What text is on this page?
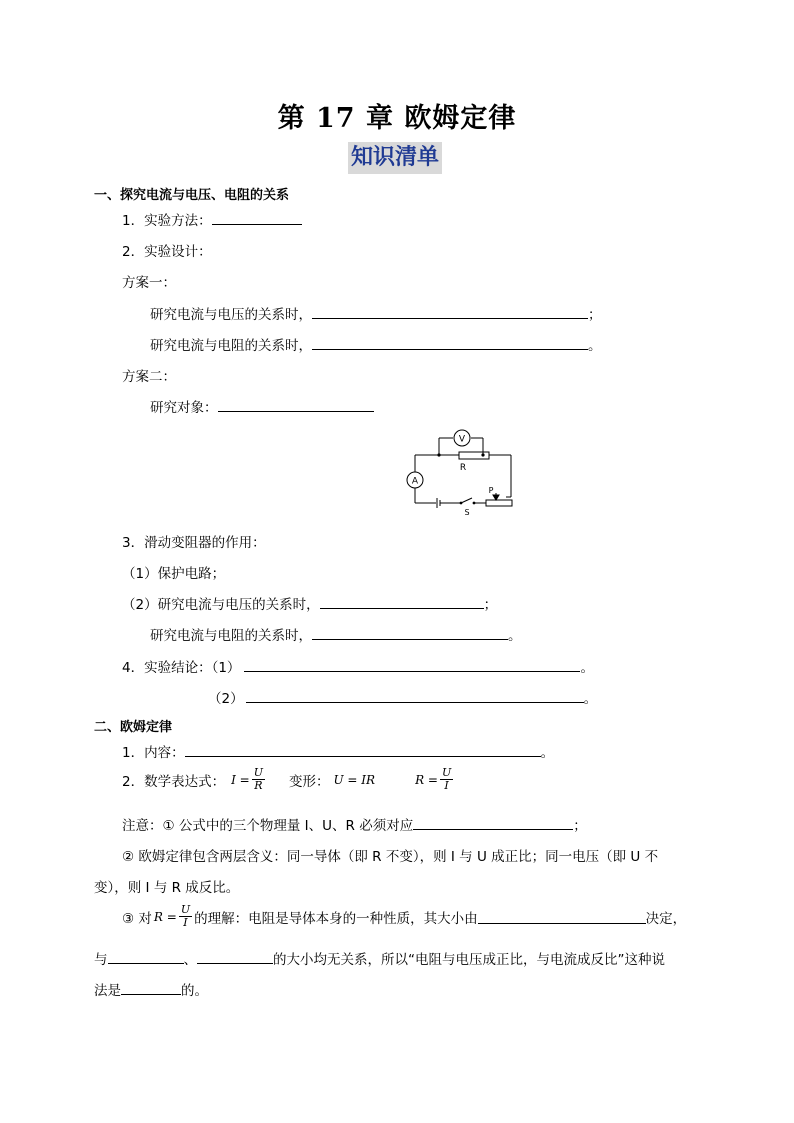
第 17 章 欧姆定律
知识清单
一、探究电流与电压、电阻的关系
1．实验方法：
2．实验设计：
方案一：
研究电流与电压的关系时，	；
研究电流与电阻的关系时，	。
方案二：
研究对象：
V
A
R
P
S
3．滑动变阻器的作用：
（1）保护电路；
（2）研究电流与电压的关系时，	；
研究电流与电阻的关系时，	。
4．实验结论：（1）	。
（2）	。
二、欧姆定律
1．内容：	。
2．数学表达式： $I = \frac{U}{R}$ 变形： U = IR	$R = \frac{U}{I}$
注意：① 公式中的三个物理量 I、U、R 必须对应	；
② 欧姆定律包含两层含义：同一导体（即 R 不变），则 I 与 U 成正比；同一电压（即 U 不
变），则 I 与 R 成反比。
③ 对 $R = \frac{U}{I}$ 的理解：电阻是导体本身的一种性质，其大小由	决定，
与	、	的大小均无关系，所以“电阻与电压成正比，与电流成反比”这种说
法是	的。
